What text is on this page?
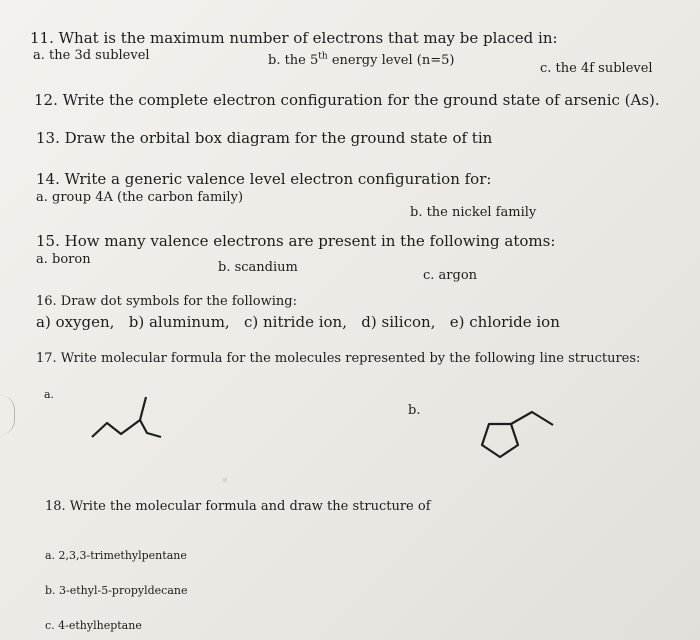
11. What is the maximum number of electrons that may be placed in:
a. the 3d sublevel	b. the 5th energy level (n=5)
c. the 4f sublevel
12. Write the complete electron configuration for the ground state of arsenic (As).
13. Draw the orbital box diagram for the ground state of tin
14. Write a generic valence level electron configuration for:
a. group 4A (the carbon family)
b. the nickel family
15. How many valence electrons are present in the following atoms:
a. boron
b. scandium
c. argon
16. Draw dot symbols for the following:
a) oxygen,   b) aluminum,   c) nitride ion,   d) silicon,   e) chloride ion
17. Write molecular formula for the molecules represented by the following line structures:
a.
b.
18. Write the molecular formula and draw the structure of
a. 2,3,3-trimethylpentane
b. 3-ethyl-5-propyldecane
c. 4-ethylheptane
